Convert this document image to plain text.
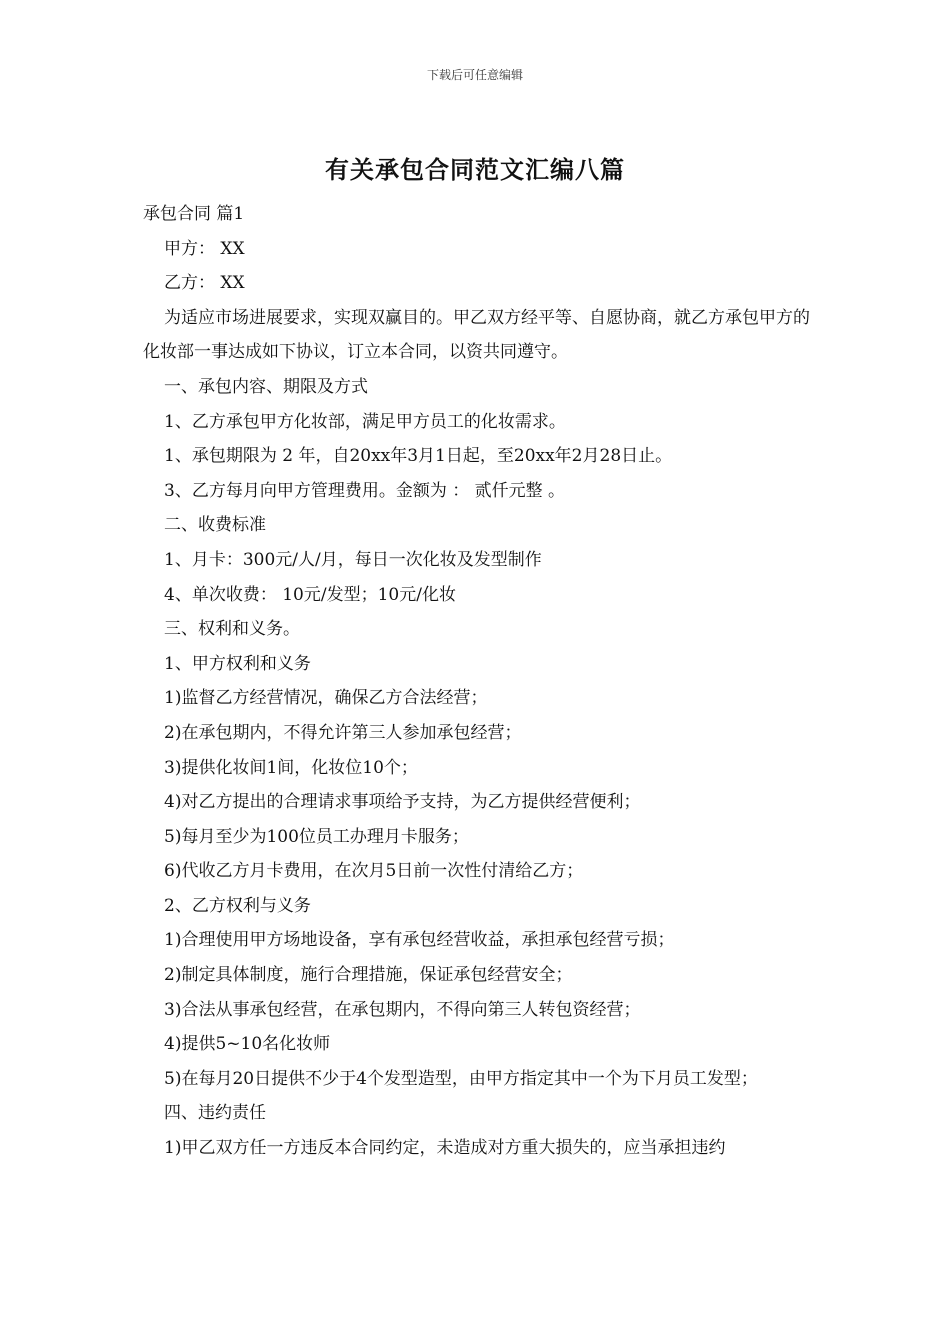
下载后可任意编辑
有关承包合同范文汇编八篇

承包合同 篇1

甲方： XX

乙方： XX

为适应市场进展要求，实现双赢目的。甲乙双方经平等、自愿协商，就乙方承包甲方的化妆部一事达成如下协议，订立本合同，以资共同遵守。

一、承包内容、期限及方式

1、乙方承包甲方化妆部，满足甲方员工的化妆需求。

1、承包期限为 2 年，自20xx年3月1日起，至20xx年2月28日止。

3、乙方每月向甲方管理费用。金额为 ： 贰仟元整 。

二、收费标准

1、月卡：300元/人/月，每日一次化妆及发型制作

4、单次收费： 10元/发型；10元/化妆

三、权利和义务。

1、甲方权利和义务

1)监督乙方经营情况，确保乙方合法经营；

2)在承包期内，不得允许第三人参加承包经营；

3)提供化妆间1间，化妆位10个；

4)对乙方提出的合理请求事项给予支持，为乙方提供经营便利；

5)每月至少为100位员工办理月卡服务；

6)代收乙方月卡费用，在次月5日前一次性付清给乙方；

2、乙方权利与义务

1)合理使用甲方场地设备，享有承包经营收益，承担承包经营亏损；

2)制定具体制度，施行合理措施，保证承包经营安全；

3)合法从事承包经营，在承包期内，不得向第三人转包资经营；

4)提供5~10名化妆师

5)在每月20日提供不少于4个发型造型，由甲方指定其中一个为下月员工发型；

四、违约责任

1)甲乙双方任一方违反本合同约定，未造成对方重大损失的，应当承担违约
